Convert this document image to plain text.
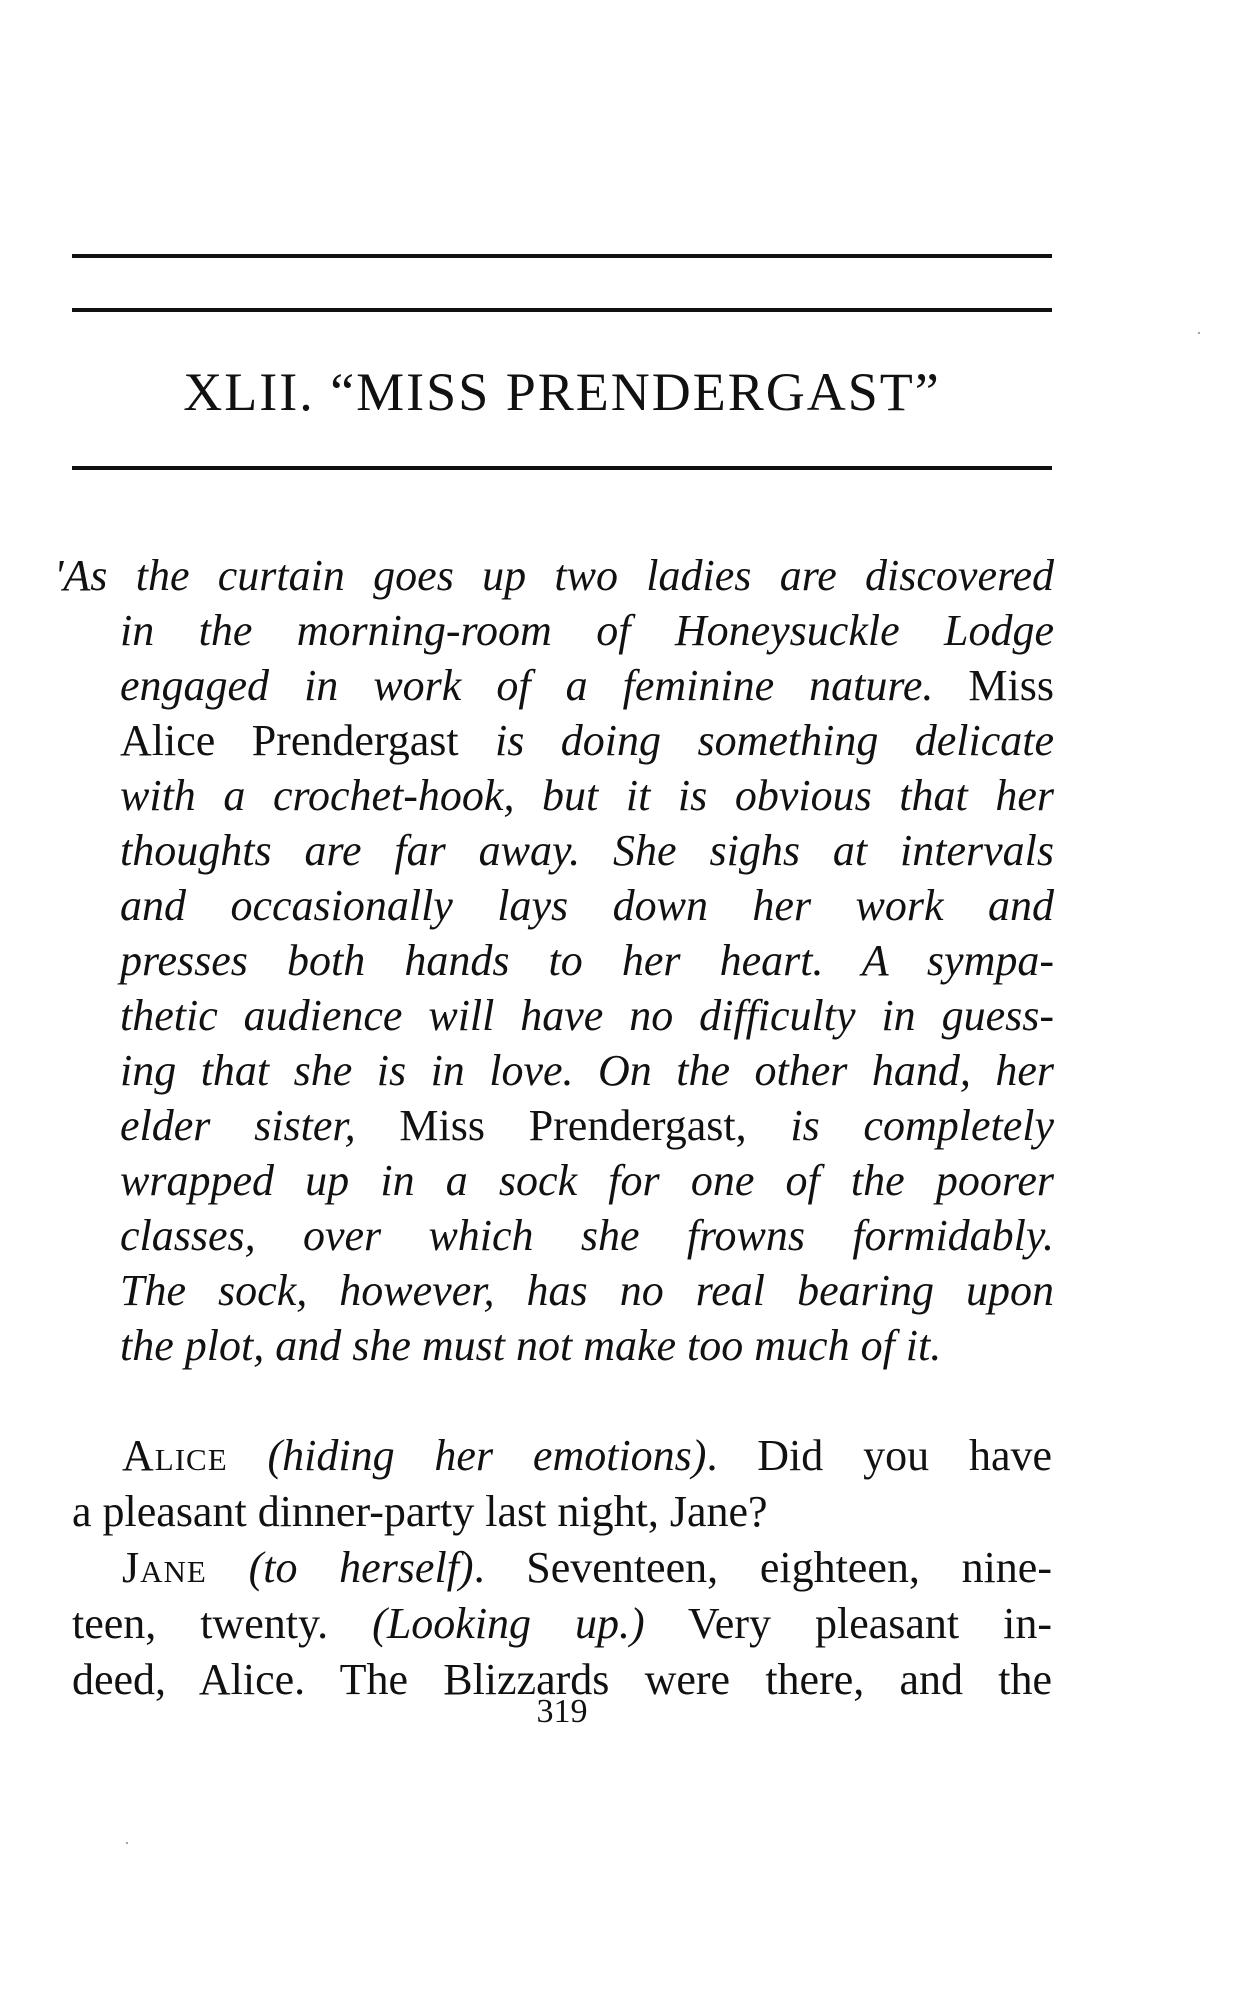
XLII. “MISS PRENDERGAST”
'As the curtain goes up two ladies are discovered
in the morning-room of Honeysuckle Lodge
engaged in work of a feminine nature. Miss
Alice Prendergast is doing something delicate
with a crochet-hook, but it is obvious that her
thoughts are far away. She sighs at intervals
and occasionally lays down her work and
presses both hands to her heart. A sympa-
thetic audience will have no difficulty in guess-
ing that she is in love. On the other hand, her
elder sister, Miss Prendergast, is completely
wrapped up in a sock for one of the poorer
classes, over which she frowns formidably.
The sock, however, has no real bearing upon
the plot, and she must not make too much of it.
Alice (hiding her emotions). Did you have
a pleasant dinner-party last night, Jane?
Jane (to herself). Seventeen, eighteen, nine-
teen, twenty. (Looking up.) Very pleasant in-
deed, Alice. The Blizzards were there, and the
319
